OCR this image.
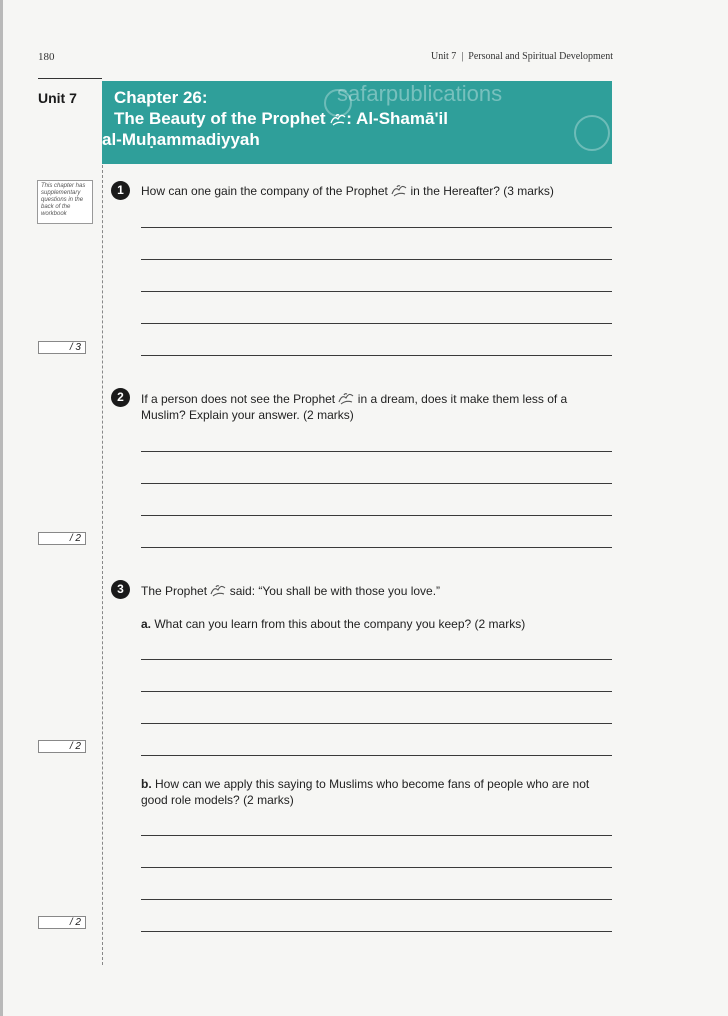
180	Unit 7 | Personal and Spiritual Development
Unit 7	safarpublications
Chapter 26:
The Beauty of the Prophet : Al-Shamā'il
al-Muḥammadiyyah
This chapter has supplementary questions in the back of the workbook
1	How can one gain the company of the Prophet  in the Hereafter? (3 marks)
/ 3
2	If a person does not see the Prophet  in a dream, does it make them less of a Muslim? Explain your answer. (2 marks)
/ 2
3	The Prophet  said: “You shall be with those you love.”
a. What can you learn from this about the company you keep? (2 marks)
/ 2
b. How can we apply this saying to Muslims who become fans of people who are not good role models? (2 marks)
/ 2
